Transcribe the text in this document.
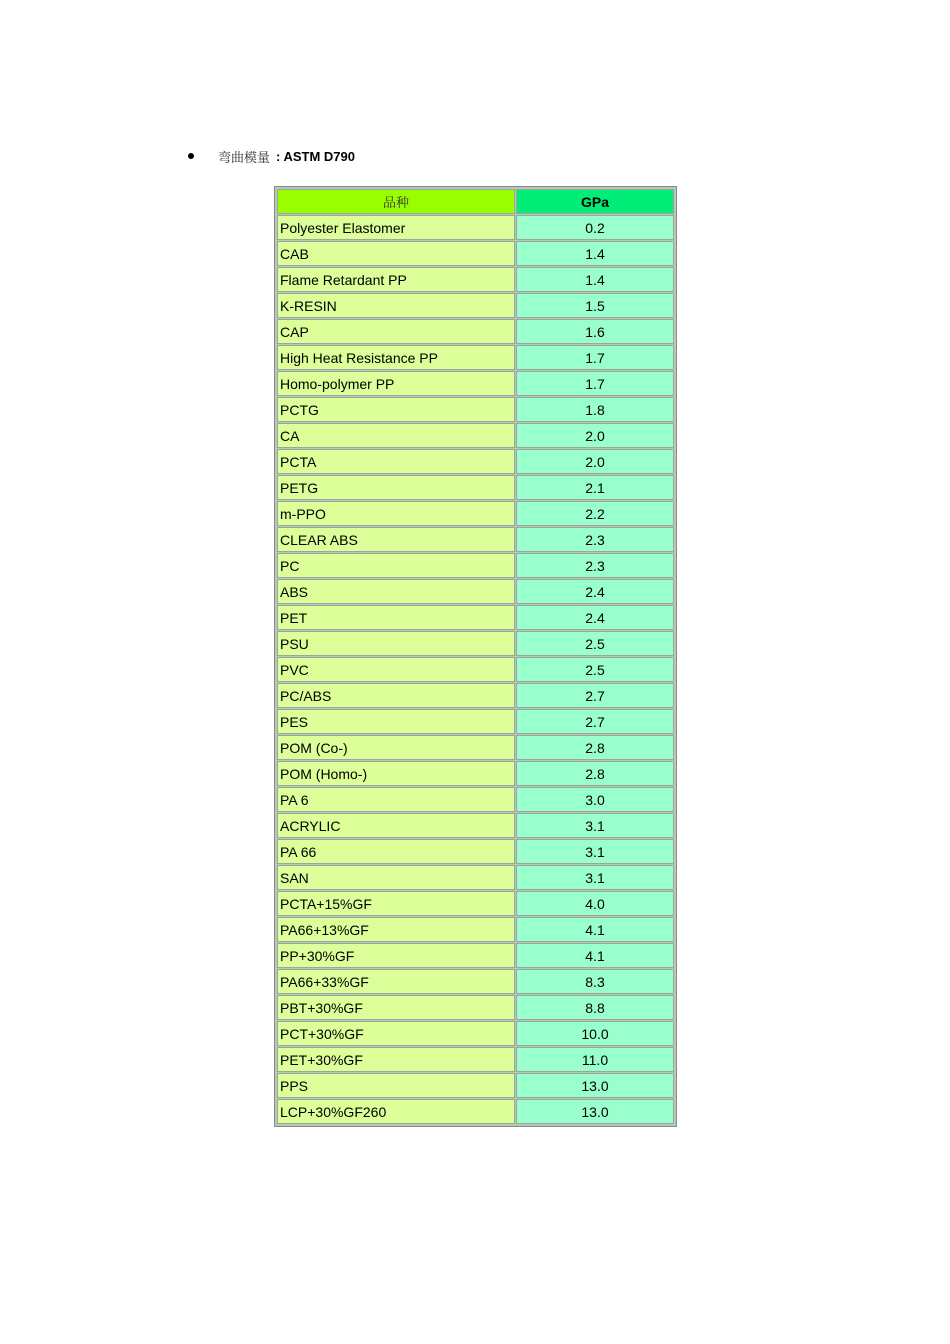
弯曲模量 : ASTM D790
品种	GPa
Polyester Elastomer	0.2
CAB	1.4
Flame Retardant PP	1.4
K-RESIN	1.5
CAP	1.6
High Heat Resistance PP	1.7
Homo-polymer PP	1.7
PCTG	1.8
CA	2.0
PCTA	2.0
PETG	2.1
m-PPO	2.2
CLEAR ABS	2.3
PC	2.3
ABS	2.4
PET	2.4
PSU	2.5
PVC	2.5
PC/ABS	2.7
PES	2.7
POM (Co-)	2.8
POM (Homo-)	2.8
PA 6	3.0
ACRYLIC	3.1
PA 66	3.1
SAN	3.1
PCTA+15%GF	4.0
PA66+13%GF	4.1
PP+30%GF	4.1
PA66+33%GF	8.3
PBT+30%GF	8.8
PCT+30%GF	10.0
PET+30%GF	11.0
PPS	13.0
LCP+30%GF260	13.0
